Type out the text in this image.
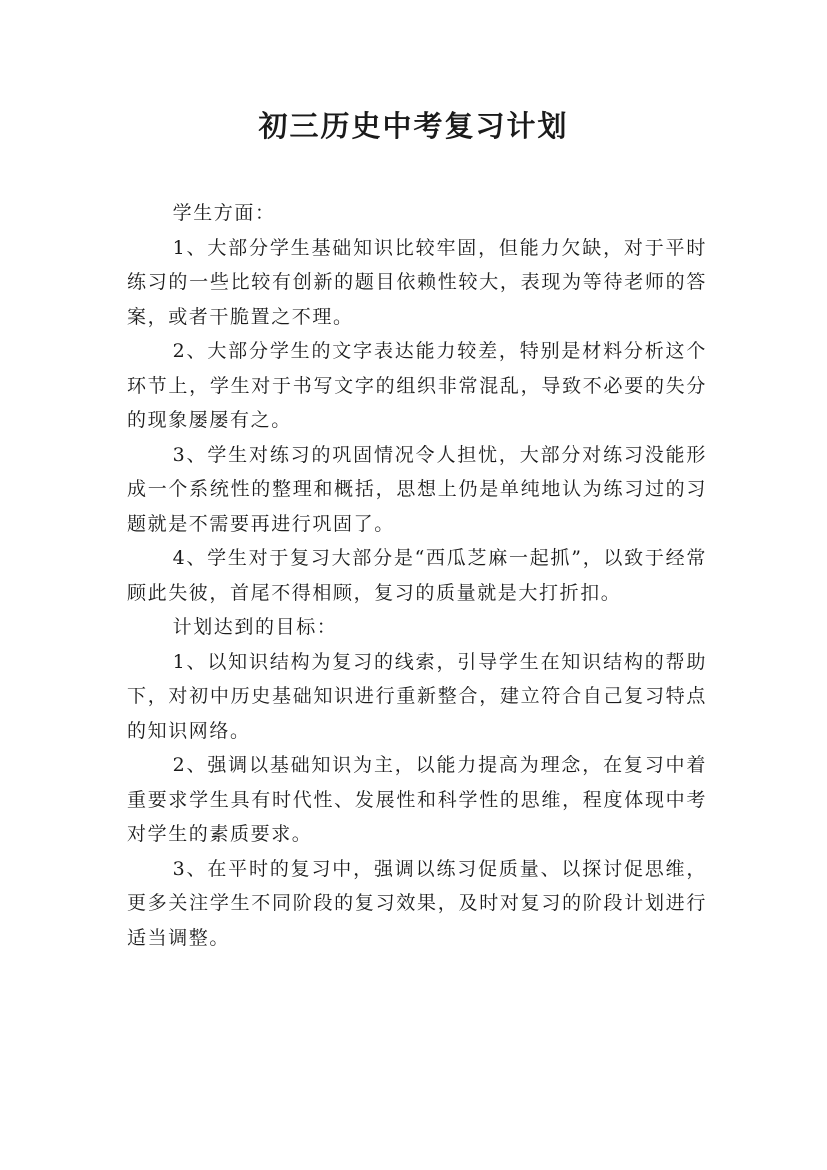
初三历史中考复习计划

学生方面：

1、大部分学生基础知识比较牢固，但能力欠缺，对于平时练习的一些比较有创新的题目依赖性较大，表现为等待老师的答案，或者干脆置之不理。

2、大部分学生的文字表达能力较差，特别是材料分析这个环节上，学生对于书写文字的组织非常混乱，导致不必要的失分的现象屡屡有之。

3、学生对练习的巩固情况令人担忧，大部分对练习没能形成一个系统性的整理和概括，思想上仍是单纯地认为练习过的习题就是不需要再进行巩固了。

4、学生对于复习大部分是“西瓜芝麻一起抓”，以致于经常顾此失彼，首尾不得相顾，复习的质量就是大打折扣。

计划达到的目标：

1、以知识结构为复习的线索，引导学生在知识结构的帮助下，对初中历史基础知识进行重新整合，建立符合自己复习特点的知识网络。

2、强调以基础知识为主，以能力提高为理念，在复习中着重要求学生具有时代性、发展性和科学性的思维，程度体现中考对学生的素质要求。

3、在平时的复习中，强调以练习促质量、以探讨促思维，更多关注学生不同阶段的复习效果，及时对复习的阶段计划进行适当调整。
